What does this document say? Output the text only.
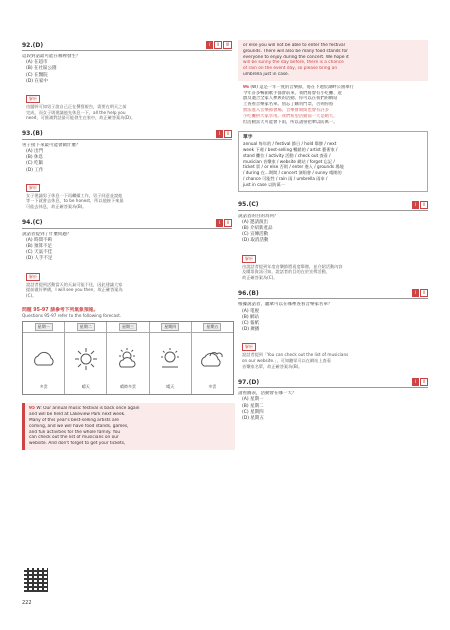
92.(D)	Ⅰ	Ⅱ	Ⅲ
這段對話最可能在哪裡發生？
(A) 在超市
(B) 在社區公園
(C) 在醫院
(D) 在家中
解析
由題幹可知男子說自己正在撰寫報告，需要在明天之前
完成，而女子則建議他先休息一下，all the help you
need，可推測對話最可能發生在家中，故正確答案為(D)。
93.(B)	Ⅰ	Ⅱ
男子接下來最可能會做什麼？
(A) 出門
(B) 休息
(C) 吃飯
(D) 工作
解析
女子建議男子休息一下再繼續工作，男子同意並說他
等一下就會去休息，to be honest，所以他接下來最
可能去休息，故正確答案為(B)。
94.(C)	Ⅰ	Ⅱ
說話者提到了什麼問題？
(A) 時間不夠
(B) 預算不足
(C) 天氣不佳
(D) 人手不足
解析
說話者提到活動當天的天氣可能不佳，因此建議大家
提前做好準備，I will see you then，故正確答案為
(C)。
問題 95-97 請參考下列氣象預報。
Questions 95-97 refer to the following forecast.
星期一
多雲
星期二
晴天
星期三
晴時多雲
星期四
晴天
星期五
多雲
95 W: Our annual music festival is back once again
and will be held at Lakeview Park next week.
Many of this year's best-selling artists are
coming, and we will have food stands, games,
and fun activities for the whole family. You
can check out the list of musicians on our
website. And don't forget to get your tickets,
or else you will not be able to enter the festival
grounds. There will also be many food stands for
everyone to enjoy during the concert. We hope it
will be sunny the day before, there is a chance
of rain on the event day, so please bring an
umbrella just in case.
96 (W) 這是一年一度的音樂節，將在下週於湖畔公園舉行
今年許多暢銷歌手都會前來，我們將會有小吃攤、遊
戲及適合全家人參與的活動。你可以在我們的網站
上查看音樂家名單。別忘了購買門票，否則你將
無法進入音樂節會場。音樂會期間也會有許多
小吃攤供大家享用。我們希望活動前一天是晴天，
但活動當天可能會下雨，所以請帶把傘以防萬一。
單字
annual 每年的 / festival 節日 / hold 舉辦 / next
week 下週 / best-selling 暢銷的 / artist 藝術家 /
stand 攤位 / activity 活動 / check out 查看 /
musician 音樂家 / website 網站 / forget 忘記 /
ticket 票 / or else 否則 / enter 進入 / grounds 場地
/ during 在…期間 / concert 演唱會 / sunny 晴朗的
/ chance 可能性 / rain 雨 / umbrella 雨傘 /
just in case 以防萬一
95.(C)	Ⅰ	Ⅱ
說話者的目的為何？
(A) 邀請演出
(B) 介紹新產品
(C) 宣傳活動
(D) 取消活動
解析
由說話者提到年度音樂節將再度舉辦，並介紹活動內容
及購票資訊可知，說話者的目的在於宣傳活動，
故正確答案為(C)。
96.(B)	Ⅰ	Ⅱ
根據說話者，聽眾可以在哪裡查看音樂家名單？
(A) 電視
(B) 網站
(C) 報紙
(D) 廣播
解析
說話者提到「You can check out the list of musicians
on our website.」，可知聽眾可以在網站上查看
音樂家名單，故正確答案為(B)。
97.(D)	Ⅰ	Ⅱ
請看圖表，活動會在哪一天？
(A) 星期一
(B) 星期二
(C) 星期四
(D) 星期五
222
